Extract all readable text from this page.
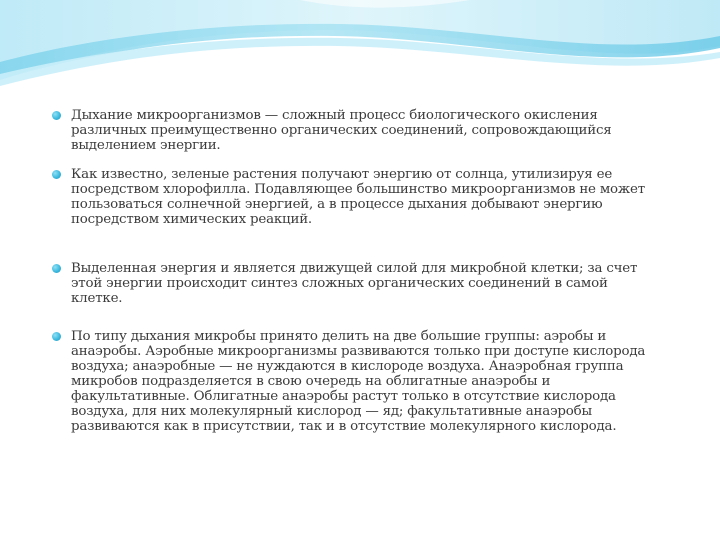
Дыхание микроорганизмов — сложный процесс биологического окисления различных преимущественно органических соединений, сопровождающийся выделением энергии.
Как известно, зеленые растения получают энергию от солнца, утилизируя ее посредством хлорофилла. Подавляющее большинство микроорганизмов не может пользоваться солнечной энергией, а в процессе дыхания добывают энергию посредством химических реакций.
Выделенная энергия и является движущей силой для микробной клетки; за счет этой энергии происходит синтез сложных органических соединений в самой клетке.
По типу дыхания микробы принято делить на две большие группы: аэробы и анаэробы. Аэробные микроорганизмы развиваются только при доступе кислорода воздуха; анаэробные — не нуждаются в кислороде воздуха. Анаэробная группа микробов подразделяется в свою очередь на облигатные анаэробы и факультативные. Облигатные анаэробы растут только в отсутствие кислорода воздуха, для них молекулярный кислород — яд; факультативные анаэробы развиваются как в присутствии, так и в отсутствие молекулярного кислорода.
